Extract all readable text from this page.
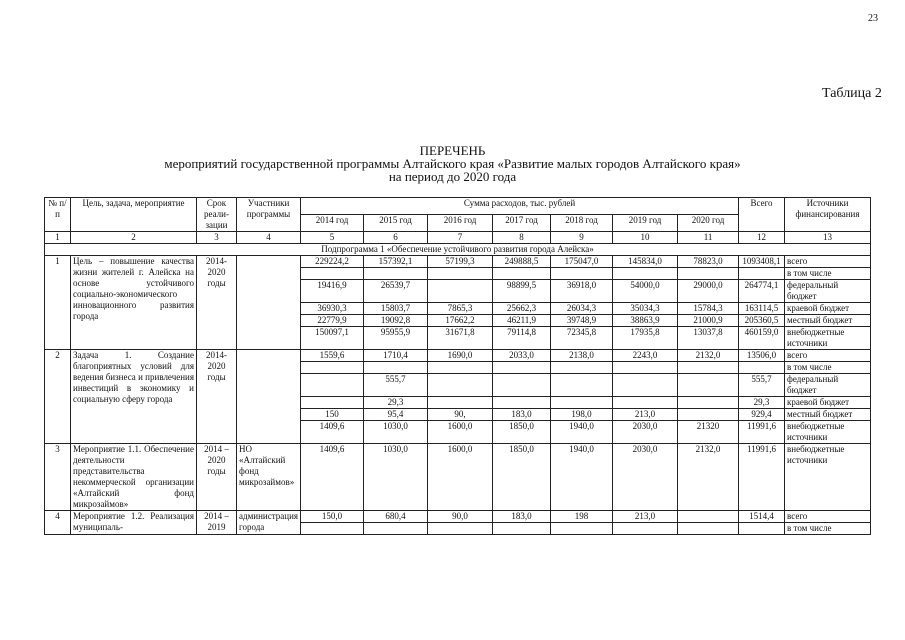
23
Таблица 2
ПЕРЕЧЕНЬ
мероприятий государственной программы Алтайского края «Развитие малых городов Алтайского края»
на период до 2020 года
№ п/п	Цель, задача, мероприятие	Срок реали-зации	Участники программы	Сумма расходов, тыс. рублей							Всего	Источники финансирования
				2014 год	2015 год	2016 год	2017 год	2018 год	2019 год	2020 год		
1	2	3	4	5	6	7	8	9	10	11	12	13
Подпрограмма 1 «Обеспечение устойчивого развития города Алейска»												
1	Цель – повышение качества жизни жителей г. Алейска на основе устойчивого социально-экономического инновационного развития города	2014-2020 годы		229224,2	157392,1	57199,3	249888,5	175047,0	145834,0	78823,0	1093408,1	всего
												в том числе
				19416,9	26539,7		98899,5	36918,0	54000,0	29000,0	264774,1	федеральный бюджет
				36930,3	15803,7	7865,3	25662,3	26034,3	35034,3	15784,3	163114,5	краевой бюджет
				22779,9	19092,8	17662,2	46211,9	39748,9	38863,9	21000,9	205360,5	местный бюджет
				150097,1	95955,9	31671,8	79114,8	72345,8	17935,8	13037,8	460159,0	внебюджетные источники
2	Задача 1. Создание благоприятных условий для ведения бизнеса и привлечения инвестиций в экономику и социальную сферу города	2014-2020 годы		1559,6	1710,4	1690,0	2033,0	2138,0	2243,0	2132,0	13506,0	всего
												в том числе
					555,7						555,7	федеральный бюджет
					29,3						29,3	краевой бюджет
				150	95,4	90,	183,0	198,0	213,0		929,4	местный бюджет
				1409,6	1030,0	1600,0	1850,0	1940,0	2030,0	21320	11991,6	внебюджетные источники
3	Мероприятие 1.1. Обеспечение деятельности представительства некоммерческой организации «Алтайский фонд микрозаймов»	2014 – 2020 годы	НО «Алтайский фонд микрозаймов»	1409,6	1030,0	1600,0	1850,0	1940,0	2030,0	2132,0	11991,6	внебюджетные источники
4	Мероприятие 1.2. Реализация муниципаль-	2014 – 2019	администрация города	150,0	680,4	90,0	183,0	198	213,0		1514,4	всего
												в том числе
